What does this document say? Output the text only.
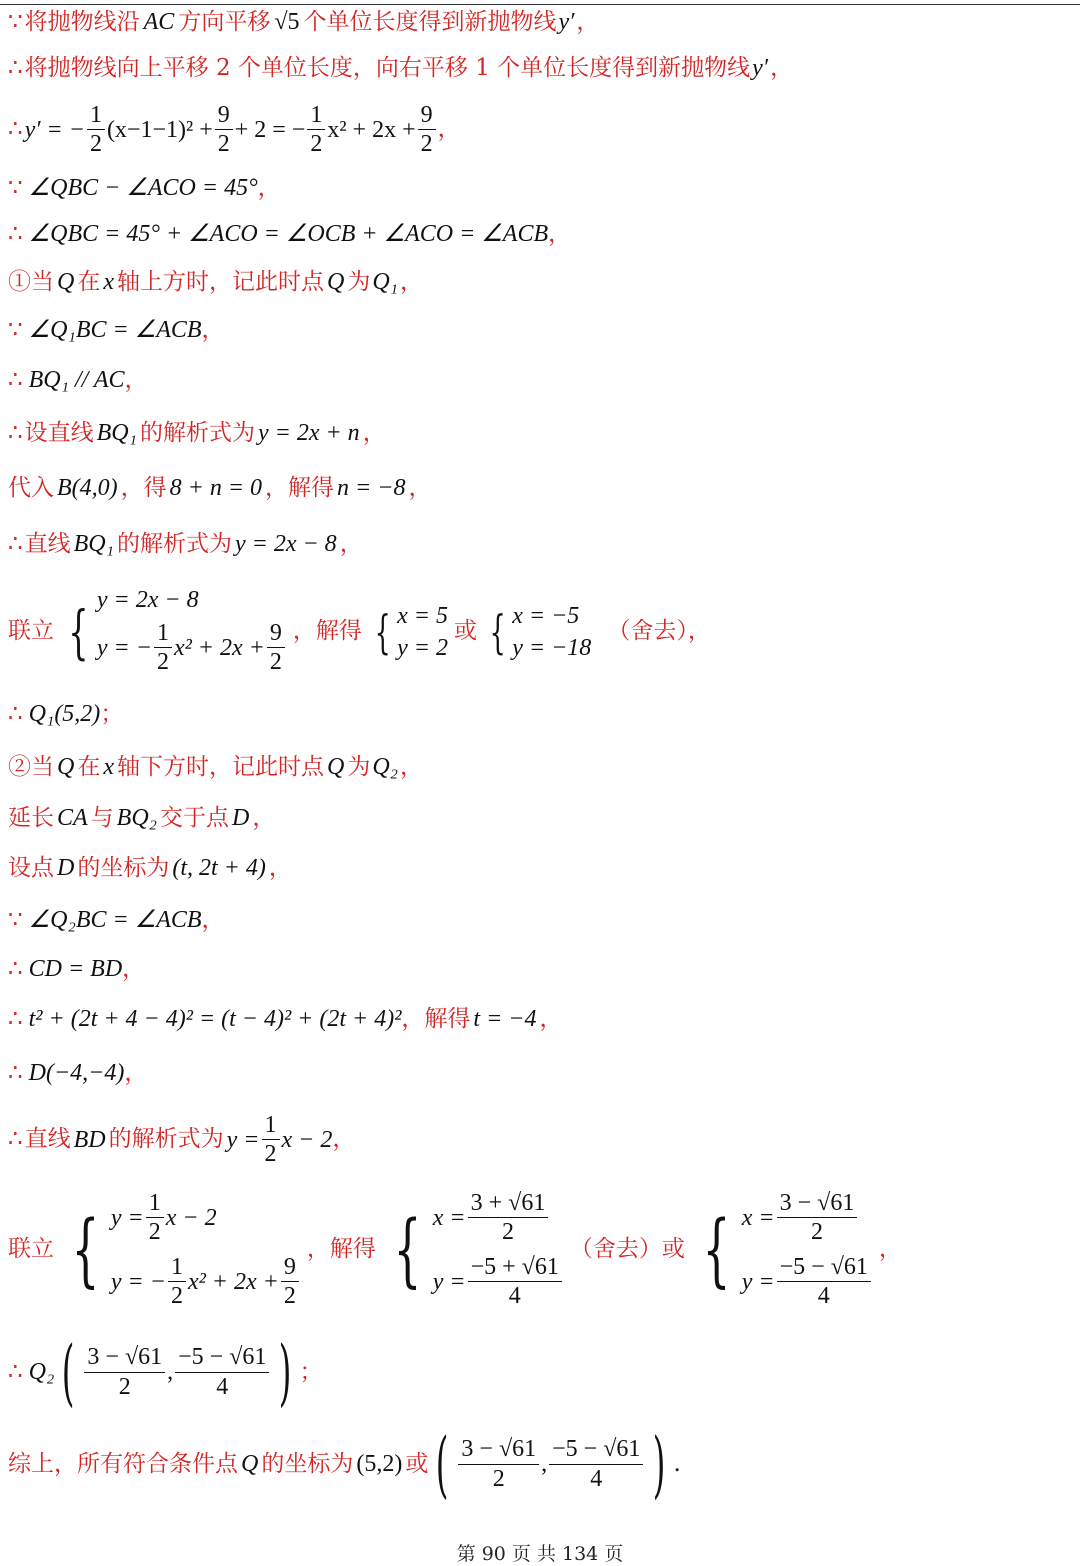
∵ 将抛物线沿 AC 方向平移 √5 个单位长度得到新抛物线 y′ ，
∴ 将抛物线向上平移 2 个单位长度，向右平移 1 个单位长度得到新抛物线 y′ ，
∴ y′ = − $\frac{1}{2} (x-1-1)^2 + \frac{9}{2} + 2$ = − $\frac{1}{2} x^2 + 2x + \frac{9}{2}$ ，
∵ ∠QBC − ∠ACO = 45° ，
∴ ∠QBC = 45° + ∠ACO = ∠OCB + ∠ACO = ∠ACB ，
①当 Q 在 x 轴上方时，记此时点 Q 为 Q₁ ，
∵ ∠Q₁BC = ∠ACB ，
∴ BQ₁ // AC ，
∴ 设直线 BQ₁ 的解析式为 y = 2x + n ，
代入 B(4,0) ，得 8 + n = 0 ，解得 n = −8 ，
∴ 直线 BQ₁ 的解析式为 y = 2x − 8 ，
联立 { y = 2x − 8
y = − $\frac{1}{2} x^2 + 2x + \frac{9}{2}$ ，解得 { x = 5
y = 2
或 { x = −5
y = −18
（舍去），
∴ Q₁(5,2) ；
②当 Q 在 x 轴下方时，记此时点 Q 为 Q₂ ，
延长 CA 与 BQ₂ 交于点 D ，
设点 D 的坐标为 (t, 2t + 4) ，
∵ ∠Q₂BC = ∠ACB ，
∴ CD = BD ，
∴ t² + (2t + 4 − 4)² = (t − 4)² + (2t + 4)² ，解得 t = −4 ，
∴ D(−4,−4) ，
∴ 直线 BD 的解析式为 $y = \frac{1}{2}$ x − 2 ，
联立 { $y = \frac{1}{2}$ x − 2
y = − $\frac{1}{2} x^2 + 2x + \frac{9}{2}$
，解得 { $x = \frac{3 + √61}{2}$
$y = \frac{-5 + √61}{4}$
（舍去）或 { $x = \frac{3 - √61}{2}$
$y = \frac{-5 - √61}{4}$
，
∴ Q₂ ( $\frac{3 - √61}{2}$ , $\frac{-5 - √61}{4}$ ) ；
综上，所有符合条件点 Q 的坐标为 (5,2) 或 ( $\frac{3 - √61}{2}$ , $\frac{-5 - √61}{4}$ ) .
第 90 页 共 134 页
